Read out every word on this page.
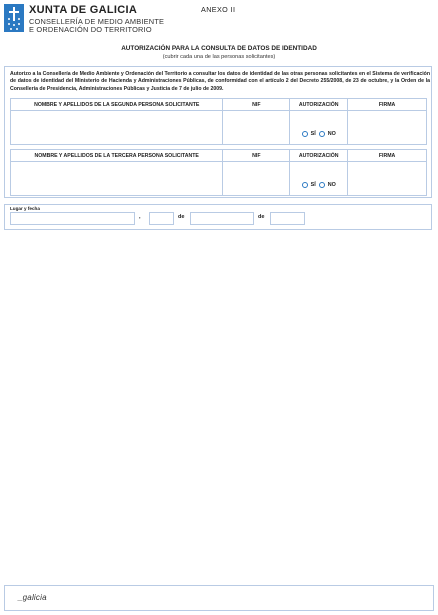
XUNTA DE GALICIA
CONSELLERÍA DE MEDIO AMBIENTE
E ORDENACIÓN DO TERRITORIO
ANEXO II
AUTORIZACIÓN PARA LA CONSULTA DE DATOS DE IDENTIDAD
(cubrir cada una de las personas solicitantes)
Autorizo a la Consellería de Medio Ambiente y Ordenación del Territorio a consultar los datos de identidad de las otras personas solicitantes en el Sistema de verificación de datos de identidad del Ministerio de Hacienda y Administraciones Públicas, de conformidad con el artículo 2 del Decreto 255/2008, de 23 de octubre, y la Orden de la Consellería de Presidencia, Administraciones Públicas y Justicia de 7 de julio de 2009.
NOMBRE Y APELLIDOS DE LA SEGUNDA PERSONA SOLICITANTE	NIF	AUTORIZACIÓN	FIRMA

		SÍ NO	

NOMBRE Y APELLIDOS DE LA TERCERA PERSONA SOLICITANTE	NIF	AUTORIZACIÓN	FIRMA

		SÍ NO	

Lugar y fecha
,	de	de
_galicia
